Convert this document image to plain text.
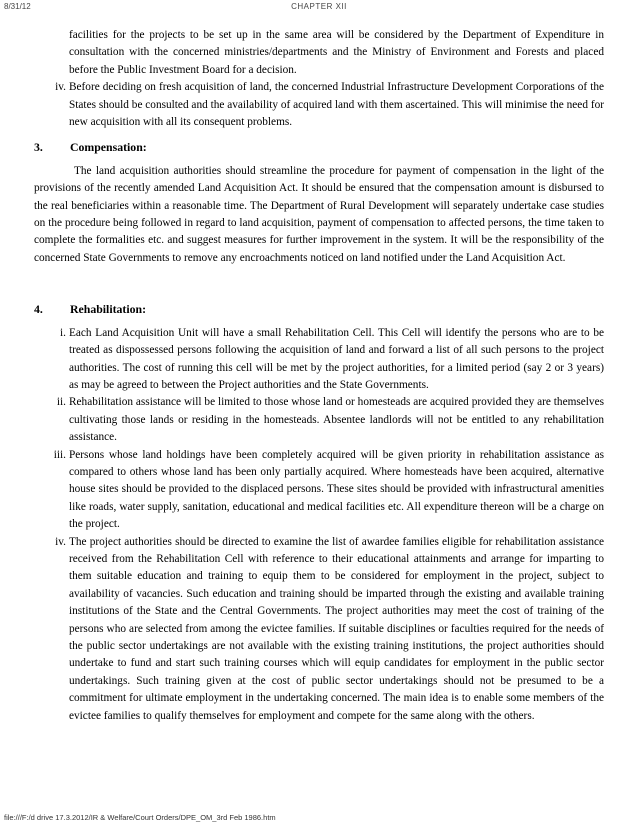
8/31/12	CHAPTER XII
facilities for the projects to be set up in the same area will be considered by the Department of Expenditure in consultation with the concerned ministries/departments and the Ministry of Environment and Forests and placed before the Public Investment Board for a decision.
iv. Before deciding on fresh acquisition of land, the concerned Industrial Infrastructure Development Corporations of the States should be consulted and the availability of acquired land with them ascertained. This will minimise the need for new acquisition with all its consequent problems.
3.	Compensation:
The land acquisition authorities should streamline the procedure for payment of compensation in the light of the provisions of the recently amended Land Acquisition Act. It should be ensured that the compensation amount is disbursed to the real beneficiaries within a reasonable time. The Department of Rural Development will separately undertake case studies on the procedure being followed in regard to land acquisition, payment of compensation to affected persons, the time taken to complete the formalities etc. and suggest measures for further improvement in the system. It will be the responsibility of the concerned State Governments to remove any encroachments noticed on land notified under the Land Acquisition Act.
4.	Rehabilitation:
i. Each Land Acquisition Unit will have a small Rehabilitation Cell. This Cell will identify the persons who are to be treated as dispossessed persons following the acquisition of land and forward a list of all such persons to the project authorities. The cost of running this cell will be met by the project authorities, for a limited period (say 2 or 3 years) as may be agreed to between the Project authorities and the State Governments.
ii. Rehabilitation assistance will be limited to those whose land or homesteads are acquired provided they are themselves cultivating those lands or residing in the homesteads. Absentee landlords will not be entitled to any rehabilitation assistance.
iii. Persons whose land holdings have been completely acquired will be given priority in rehabilitation assistance as compared to others whose land has been only partially acquired. Where homesteads have been acquired, alternative house sites should be provided to the displaced persons. These sites should be provided with infrastructural amenities like roads, water supply, sanitation, educational and medical facilities etc. All expenditure thereon will be a charge on the project.
iv. The project authorities should be directed to examine the list of awardee families eligible for rehabilitation assistance received from the Rehabilitation Cell with reference to their educational attainments and arrange for imparting to them suitable education and training to equip them to be considered for employment in the project, subject to availability of vacancies. Such education and training should be imparted through the existing and available training institutions of the State and the Central Governments. The project authorities may meet the cost of training of the persons who are selected from among the evictee families. If suitable disciplines or faculties required for the needs of the public sector undertakings are not available with the existing training institutions, the project authorities should undertake to fund and start such training courses which will equip candidates for employment in the public sector undertakings. Such training given at the cost of public sector undertakings should not be presumed to be a commitment for ultimate employment in the undertaking concerned. The main idea is to enable some members of the evictee families to qualify themselves for employment and compete for the same along with the others.
file:///F:/d drive 17.3.2012/IR & Welfare/Court Orders/DPE_OM_3rd Feb 1986.htm
